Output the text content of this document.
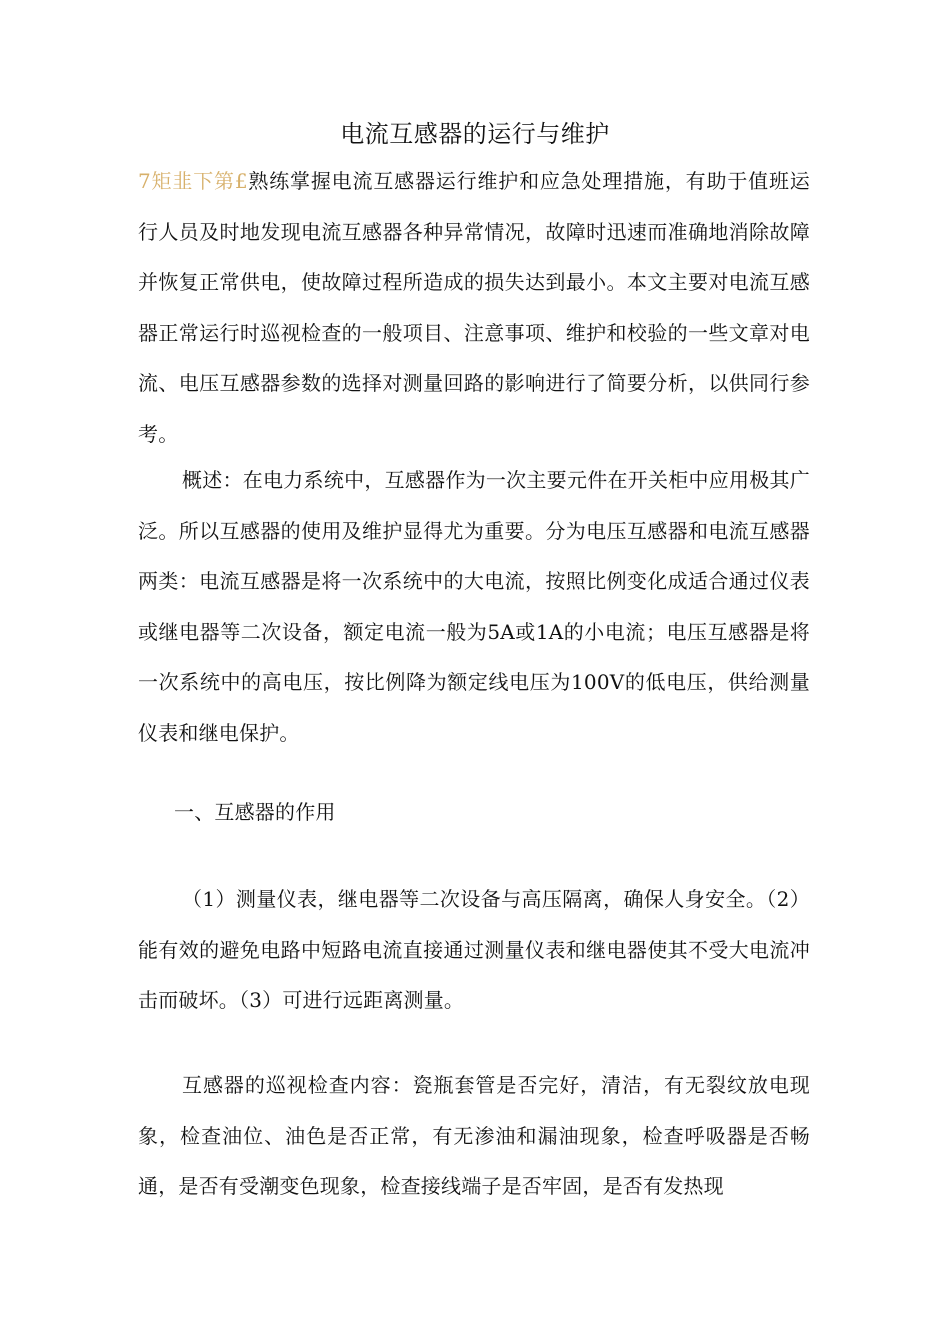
电流互感器的运行与维护

7矩韭下第£熟练掌握电流互感器运行维护和应急处理措施，有助于值班运行人员及时地发现电流互感器各种异常情况，故障时迅速而准确地消除故障并恢复正常供电，使故障过程所造成的损失达到最小。本文主要对电流互感器正常运行时巡视检查的一般项目、注意事项、维护和校验的一些文章对电流、电压互感器参数的选择对测量回路的影响进行了简要分析，以供同行参考。

概述：在电力系统中，互感器作为一次主要元件在开关柜中应用极其广泛。所以互感器的使用及维护显得尤为重要。分为电压互感器和电流互感器两类：电流互感器是将一次系统中的大电流，按照比例变化成适合通过仪表或继电器等二次设备，额定电流一般为5A或1A的小电流；电压互感器是将一次系统中的高电压，按比例降为额定线电压为100V的低电压，供给测量仪表和继电保护。

一、互感器的作用

（1）测量仪表，继电器等二次设备与高压隔离，确保人身安全。（2）能有效的避免电路中短路电流直接通过测量仪表和继电器使其不受大电流冲击而破坏。（3）可进行远距离测量。

互感器的巡视检查内容：瓷瓶套管是否完好，清洁，有无裂纹放电现象，检查油位、油色是否正常，有无渗油和漏油现象，检查呼吸器是否畅通，是否有受潮变色现象，检查接线端子是否牢固，是否有发热现
